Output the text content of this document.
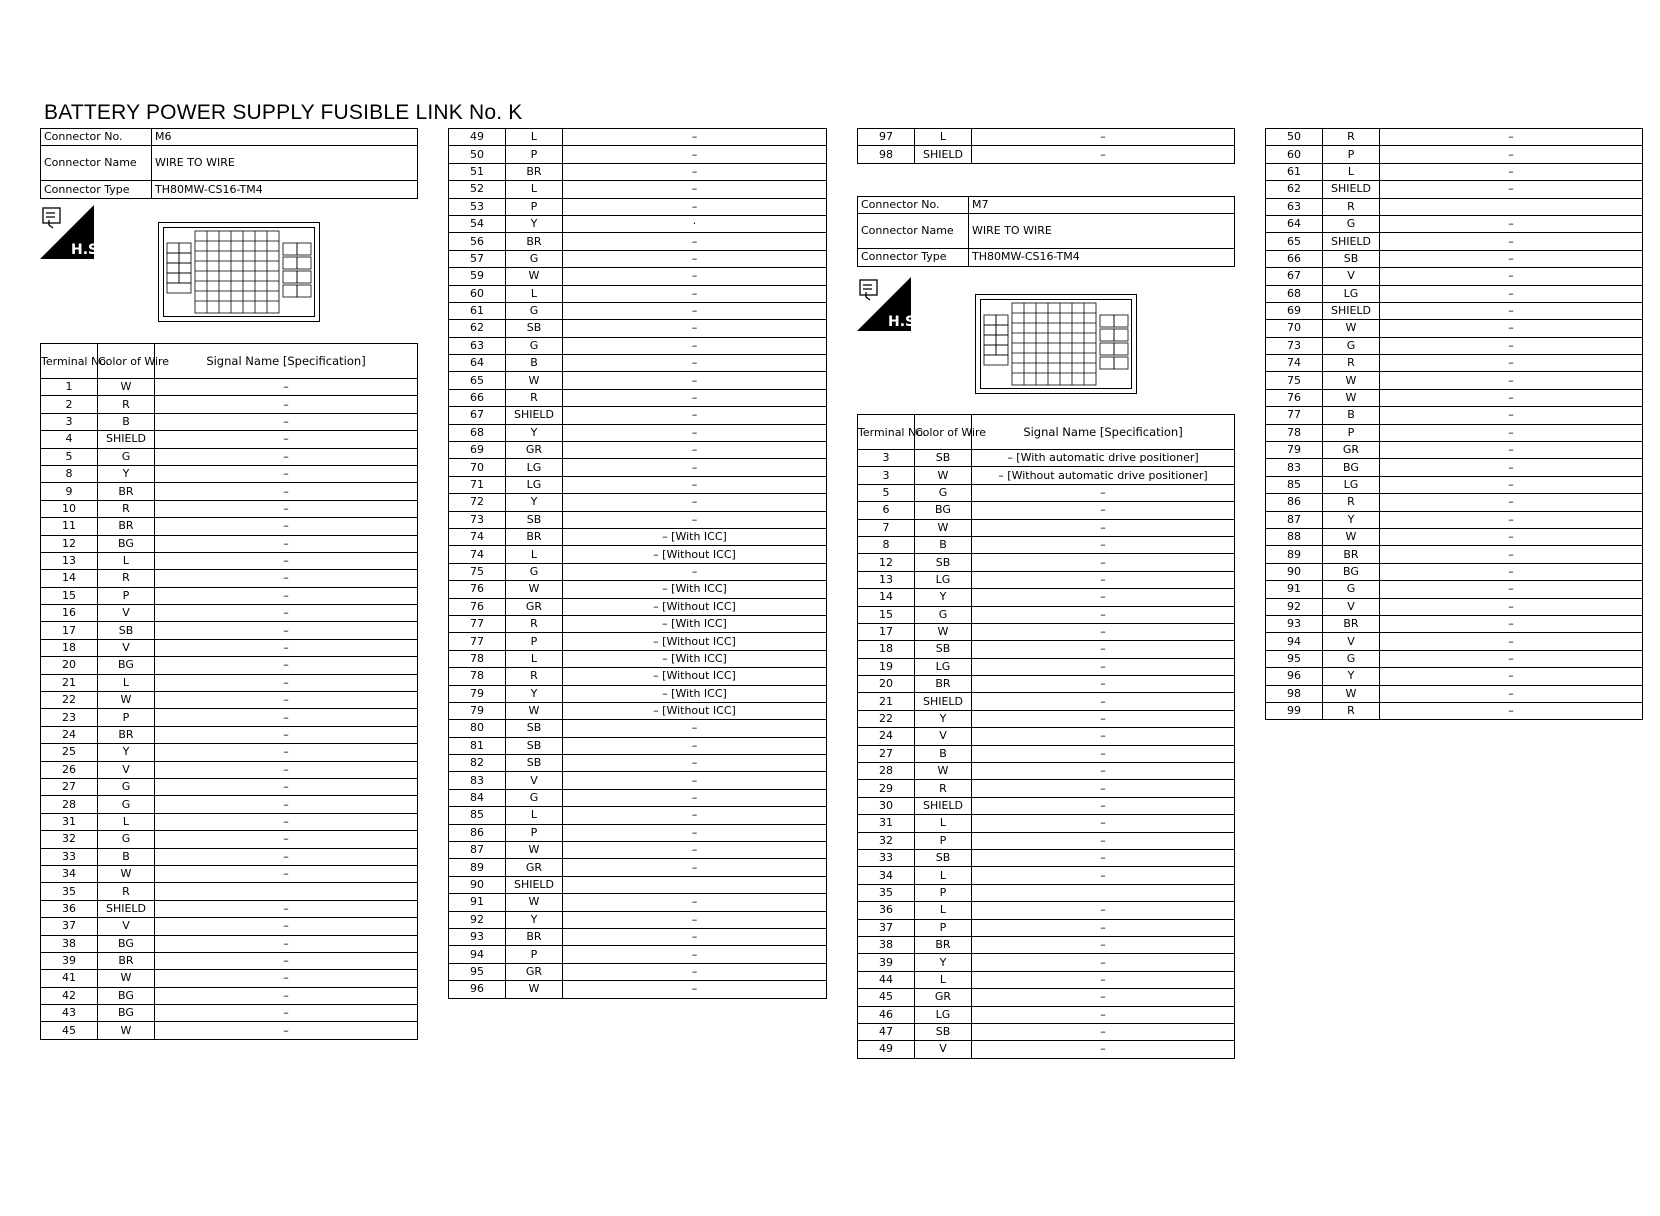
BATTERY POWER SUPPLY FUSIBLE LINK No. K
Connector No.	M6
Connector Name	WIRE TO WIRE
Connector Type	TH80MW-CS16-TM4
H.S.
Terminal No.	Color of Wire	Signal Name [Specification]
1	W	–
2	R	–
3	B	–
4	SHIELD	–
5	G	–
8	Y	–
9	BR	–
10	R	–
11	BR	–
12	BG	–
13	L	–
14	R	–
15	P	–
16	V	–
17	SB	–
18	V	–
20	BG	–
21	L	–
22	W	–
23	P	–
24	BR	–
25	Y	–
26	V	–
27	G	–
28	G	–
31	L	–
32	G	–
33	B	–
34	W	–
35	R	
36	SHIELD	–
37	V	–
38	BG	–
39	BR	–
41	W	–
42	BG	–
43	BG	–
45	W	–
49	L	–
50	P	–
51	BR	–
52	L	–
53	P	–
54	Y	·
56	BR	–
57	G	–
59	W	–
60	L	–
61	G	–
62	SB	–
63	G	–
64	B	–
65	W	–
66	R	–
67	SHIELD	–
68	Y	–
69	GR	–
70	LG	–
71	LG	–
72	Y	–
73	SB	–
74	BR	– [With ICC]
74	L	– [Without ICC]
75	G	–
76	W	– [With ICC]
76	GR	– [Without ICC]
77	R	– [With ICC]
77	P	– [Without ICC]
78	L	– [With ICC]
78	R	– [Without ICC]
79	Y	– [With ICC]
79	W	– [Without ICC]
80	SB	–
81	SB	–
82	SB	–
83	V	–
84	G	–
85	L	–
86	P	–
87	W	–
89	GR	–
90	SHIELD	
91	W	–
92	Y	–
93	BR	–
94	P	–
95	GR	–
96	W	–
97	L	–
98	SHIELD	–
Connector No.	M7
Connector Name	WIRE TO WIRE
Connector Type	TH80MW-CS16-TM4
H.S.
Terminal No.	Color of Wire	Signal Name [Specification]
3	SB	– [With automatic drive positioner]
3	W	– [Without automatic drive positioner]
5	G	–
6	BG	–
7	W	–
8	B	–
12	SB	–
13	LG	–
14	Y	–
15	G	–
17	W	–
18	SB	–
19	LG	–
20	BR	–
21	SHIELD	–
22	Y	–
24	V	–
27	B	–
28	W	–
29	R	–
30	SHIELD	–
31	L	–
32	P	–
33	SB	–
34	L	–
35	P	
36	L	–
37	P	–
38	BR	–
39	Y	–
44	L	–
45	GR	–
46	LG	–
47	SB	–
49	V	–
50	R	–
60	P	–
61	L	–
62	SHIELD	–
63	R	
64	G	–
65	SHIELD	–
66	SB	–
67	V	–
68	LG	–
69	SHIELD	–
70	W	–
73	G	–
74	R	–
75	W	–
76	W	–
77	B	–
78	P	–
79	GR	–
83	BG	–
85	LG	–
86	R	–
87	Y	–
88	W	–
89	BR	–
90	BG	–
91	G	–
92	V	–
93	BR	–
94	V	–
95	G	–
96	Y	–
98	W	–
99	R	–
